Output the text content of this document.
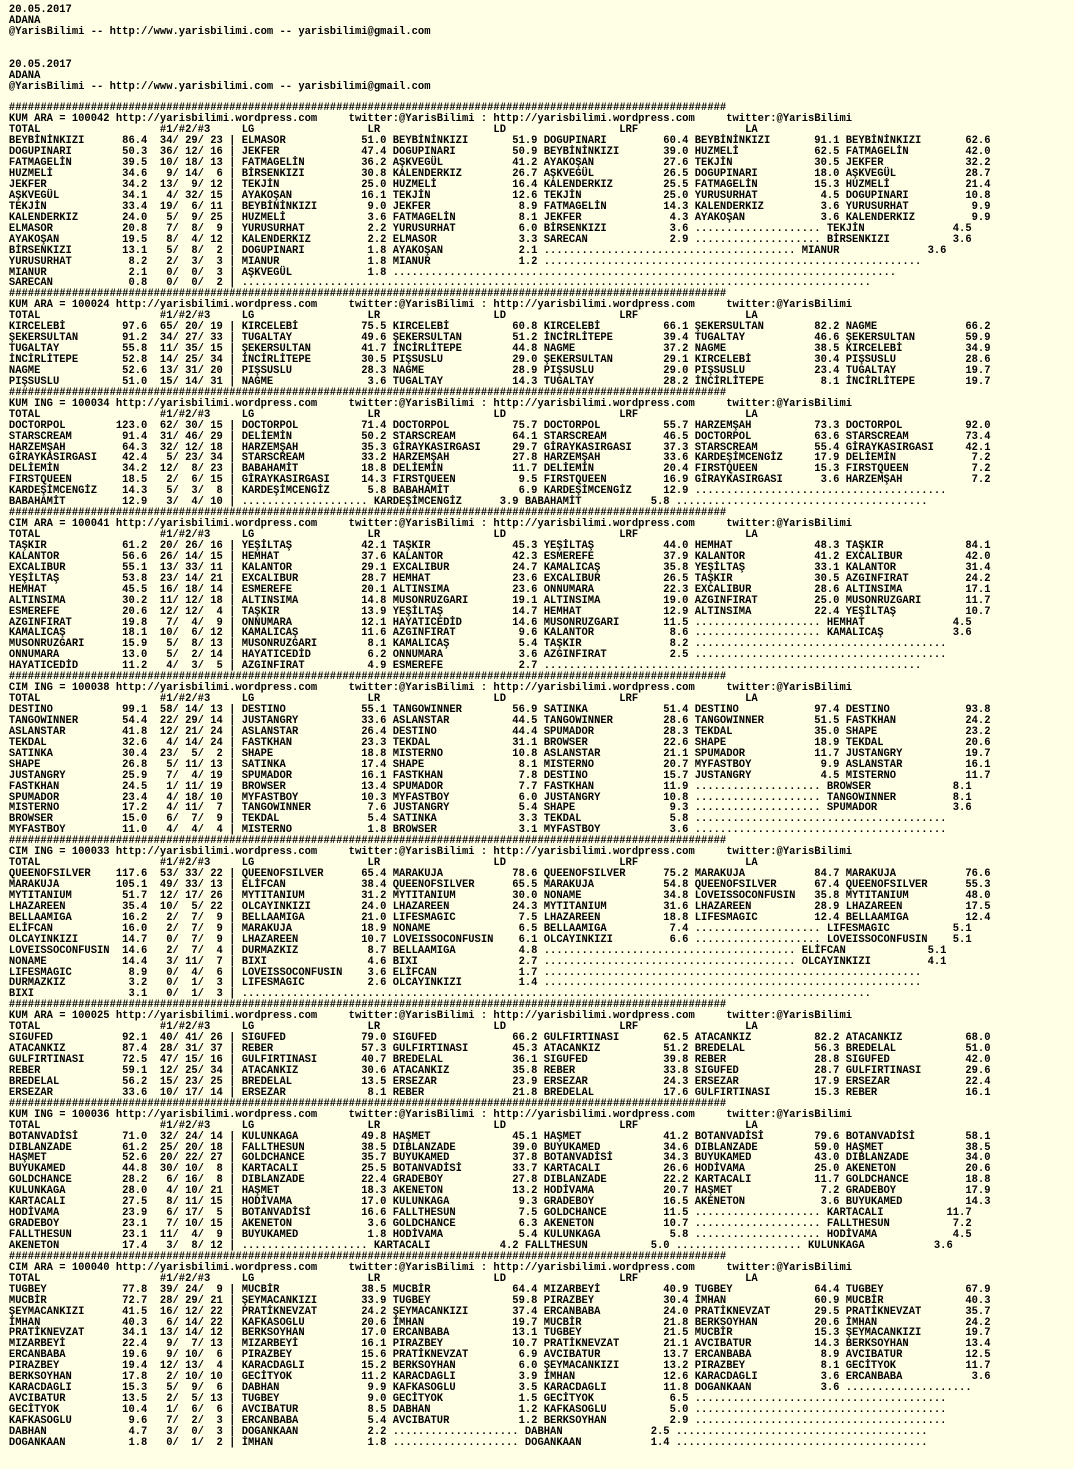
20.05.2017
ADANA
@YarisBilimi -- http://www.yarisbilimi.com -- yarisbilimi@gmail.com

20.05.2017
ADANA
@YarisBilimi -- http://www.yarisbilimi.com -- yarisbilimi@gmail.com

##################################################################################################################
KUM ARA = 100042 http://yarisbilimi.wordpress.com     twitter:@YarisBilimi : http://yarisbilimi.wordpress.com     twitter:@YarisBilimi
TOTAL                   #1/#2/#3     LG                  LR                  LD                  LRF                 LA
BEYBİNİNKIZI      86.4  34/ 29/ 23 | ELMASOR            51.0 BEYBİNİNKIZI       51.9 DOGUPINARI         60.4 BEYBİNİNKIZI       91.1 BEYBİNİNKIZI       62.6
DOGUPINARI        50.3  36/ 12/ 16 | JEKFER             47.4 DOGUPINARI         50.9 BEYBİNİNKIZI       39.0 HUZMELİ            62.5 FATMAGELİN         42.0
FATMAGELİN        39.5  10/ 18/ 13 | FATMAGELİN         36.2 AŞKVEGÜL           41.2 AYAKOŞAN           27.6 TEKJİN             30.5 JEKFER             32.2
HUZMELİ           34.6   9/ 14/  6 | BİRSENKIZI         30.8 KALENDERKIZ        26.7 AŞKVEGÜL           26.5 DOGUPINARI         18.0 AŞKVEGÜL           28.7
JEKFER            34.2  13/  9/ 12 | TEKJİN             25.0 HUZMELİ            16.4 KALENDERKIZ        25.5 FATMAGELİN         15.3 HUZMELİ            21.4
AŞKVEGÜL          34.1   4/ 32/ 15 | AYAKOŞAN           16.1 TEKJİN             12.6 TEKJİN             25.0 YURUSURHAT          4.5 DOGUPINARI         10.8
TEKJİN            33.4  19/  6/ 11 | BEYBİNİNKIZI        9.0 JEKFER              8.9 FATMAGELİN         14.3 KALENDERKIZ         3.6 YURUSURHAT          9.9
KALENDERKIZ       24.0   5/  9/ 25 | HUZMELİ             3.6 FATMAGELİN          8.1 JEKFER              4.3 AYAKOŞAN            3.6 KALENDERKIZ         9.9
ELMASOR           20.8   7/  8/  9 | YURUSURHAT          2.2 YURUSURHAT          6.0 BİRSENKIZI          3.6 .................... TEKJİN              4.5
AYAKOŞAN          19.5   8/  4/ 12 | KALENDERKIZ         2.2 ELMASOR             3.3 SARECAN             2.9 .................... BİRSENKIZI          3.6
BİRSENKIZI        13.1   5/  8/  2 | DOGUPINARI          1.8 AYAKOŞAN            2.1 ........................................ MIANUR              3.6
YURUSURHAT         8.2   2/  3/  3 | MIANUR              1.8 MIANUR              1.2 ............................................................
MIANUR             2.1   0/  0/  3 | AŞKVEGÜL            1.8 ................................................................................
SARECAN            0.8   0/  0/  2 | ....................................................................................................
##################################################################################################################
KUM ARA = 100024 http://yarisbilimi.wordpress.com     twitter:@YarisBilimi : http://yarisbilimi.wordpress.com     twitter:@YarisBilimi
TOTAL                   #1/#2/#3     LG                  LR                  LD                  LRF                 LA
KIRCELEBİ         97.6  65/ 20/ 19 | KIRCELEBİ          75.5 KIRCELEBİ          60.8 KIRCELEBİ          66.1 ŞEKERSULTAN        82.2 NAGME              66.2
ŞEKERSULTAN       91.2  34/ 27/ 33 | TUGALTAY           49.6 ŞEKERSULTAN        51.2 İNCİRLİTEPE        39.4 TUGALTAY           46.6 ŞEKERSULTAN        59.9
TUGALTAY          55.8  11/ 35/ 15 | ŞEKERSULTAN        41.7 İNCİRLİTEPE        44.8 NAGME              37.2 NAGME              38.5 KIRCELEBİ          34.9
İNCİRLİTEPE       52.8  14/ 25/ 34 | İNCİRLİTEPE        30.5 PIŞSUSLU           29.0 ŞEKERSULTAN        29.1 KIRCELEBİ          30.4 PIŞSUSLU           28.6
NAGME             52.6  13/ 31/ 20 | PIŞSUSLU           28.3 NAGME              28.9 PIŞSUSLU           29.0 PIŞSUSLU           23.4 TUGALTAY           19.7
PIŞSUSLU          51.0  15/ 14/ 31 | NAGME               3.6 TUGALTAY           14.3 TUGALTAY           28.2 İNCİRLİTEPE         8.1 İNCİRLİTEPE        19.7
##################################################################################################################
KUM ING = 100034 http://yarisbilimi.wordpress.com     twitter:@YarisBilimi : http://yarisbilimi.wordpress.com     twitter:@YarisBilimi
TOTAL                   #1/#2/#3     LG                  LR                  LD                  LRF                 LA
DOCTORPOL        123.0  62/ 30/ 15 | DOCTORPOL          71.4 DOCTORPOL          75.7 DOCTORPOL          55.7 HARZEMŞAH          73.3 DOCTORPOL          92.0
STARSCREAM        91.4  31/ 46/ 29 | DELİEMİN           50.2 STARSCREAM         64.1 STARSCREAM         46.5 DOCTORPOL          63.6 STARSCREAM         73.4
HARZEMŞAH         64.3  32/ 12/ 18 | HARZEMŞAH          35.3 GİRAYKASIRGASI     29.7 GİRAYKASIRGASI     37.3 STARSCREAM         55.4 GİRAYKASIRGASI     42.1
GİRAYKASIRGASI    42.4   5/ 23/ 34 | STARSCREAM         33.2 HARZEMŞAH          27.8 HARZEMŞAH          33.6 KARDEŞİMCENGİZ     17.9 DELİEMİN            7.2
DELİEMİN          34.2  12/  8/ 23 | BABAHAMİT          18.8 DELİEMİN           11.7 DELİEMİN           20.4 FIRSTQUEEN         15.3 FIRSTQUEEN          7.2
FIRSTQUEEN        18.5   2/  6/ 15 | GİRAYKASIRGASI     14.3 FIRSTQUEEN          9.5 FIRSTQUEEN         16.9 GİRAYKASIRGASI      3.6 HARZEMŞAH           7.2
KARDEŞİMCENGİZ    14.3   5/  3/  8 | KARDEŞİMCENGİZ      5.8 BABAHAMİT           6.9 KARDEŞİMCENGİZ     12.9 ........................................
BABAHAMİT         12.9   3/  4/ 10 | .................... KARDEŞİMCENGİZ      3.9 BABAHAMİT           5.8 ........................................
##################################################################################################################
CIM ARA = 100041 http://yarisbilimi.wordpress.com     twitter:@YarisBilimi : http://yarisbilimi.wordpress.com     twitter:@YarisBilimi
TOTAL                   #1/#2/#3     LG                  LR                  LD                  LRF                 LA
TAŞKIR            61.2  20/ 26/ 16 | YEŞİLTAŞ           42.1 TAŞKIR             45.3 YEŞİLTAŞ           44.0 HEMHAT             48.3 TAŞKIR             84.1
KALANTOR          56.6  26/ 14/ 15 | HEMHAT             37.6 KALANTOR           42.3 ESMEREFE           37.9 KALANTOR           41.2 EXCALIBUR          42.0
EXCALIBUR         55.1  13/ 33/ 11 | KALANTOR           29.1 EXCALIBUR          24.7 KAMALICAŞ          35.8 YEŞİLTAŞ           33.1 KALANTOR           31.4
YEŞİLTAŞ          53.8  23/ 14/ 21 | EXCALIBUR          28.7 HEMHAT             23.6 EXCALIBUR          26.5 TAŞKIR             30.5 AZGINFIRAT         24.2
HEMHAT            45.5  16/ 18/ 14 | ESMEREFE           20.1 ALTINSIMA          23.6 ONNUMARA           22.3 EXCALIBUR          28.6 ALTINSIMA          17.1
ALTINSIMA         30.2  11/ 12/ 18 | ALTINSIMA          14.8 MUSONRUZGARI       19.1 ALTINSIMA          19.0 AZGINFIRAT         25.0 MUSONRUZGARI       11.7
ESMEREFE          20.6  12/ 12/  4 | TAŞKIR             13.9 YEŞİLTAŞ           14.7 HEMHAT             12.9 ALTINSIMA          22.4 YEŞİLTAŞ           10.7
AZGINFIRAT        19.8   7/  4/  9 | ONNUMARA           12.1 HAYATICEDİD        14.6 MUSONRUZGARI       11.5 .................... HEMHAT              4.5
KAMALICAŞ         18.1  10/  6/ 12 | KAMALICAŞ          11.6 AZGINFIRAT          9.6 KALANTOR            8.6 .................... KAMALICAŞ           3.6
MUSONRUZGARI      15.9   5/  8/ 13 | MUSONRUZGARI        8.1 KAMALICAŞ           5.4 TAŞKIR              8.2 ........................................
ONNUMARA          13.0   5/  2/ 14 | HAYATICEDİD         6.2 ONNUMARA            3.6 AZGINFIRAT          2.5 ........................................
HAYATICEDİD       11.2   4/  3/  5 | AZGINFIRAT          4.9 ESMEREFE            2.7 ............................................................
##################################################################################################################
CIM ING = 100038 http://yarisbilimi.wordpress.com     twitter:@YarisBilimi : http://yarisbilimi.wordpress.com     twitter:@YarisBilimi
TOTAL                   #1/#2/#3     LG                  LR                  LD                  LRF                 LA
DESTINO           99.1  58/ 14/ 13 | DESTINO            55.1 TANGOWINNER        56.9 SATINKA            51.4 DESTINO            97.4 DESTINO            93.8
TANGOWINNER       54.4  22/ 29/ 14 | JUSTANGRY          33.6 ASLANSTAR          44.5 TANGOWINNER        28.6 TANGOWINNER        51.5 FASTKHAN           24.2
ASLANSTAR         41.8  12/ 21/ 24 | ASLANSTAR          26.4 DESTINO            44.4 SPUMADOR           28.3 TEKDAL             35.0 SHAPE              23.2
TEKDAL            32.6   4/ 14/ 24 | FASTKHAN           23.3 TEKDAL             31.1 BROWSER            22.6 SHAPE              18.9 TEKDAL             20.6
SATINKA           30.4  23/  5/  2 | SHAPE              18.8 MISTERNO           10.8 ASLANSTAR          21.1 SPUMADOR           11.7 JUSTANGRY          19.7
SHAPE             26.8   5/ 11/ 13 | SATINKA            17.4 SHAPE               8.1 MISTERNO           20.7 MYFASTBOY           9.9 ASLANSTAR          16.1
JUSTANGRY         25.9   7/  4/ 19 | SPUMADOR           16.1 FASTKHAN            7.8 DESTINO            15.7 JUSTANGRY           4.5 MISTERNO           11.7
FASTKHAN          24.5   1/ 11/ 19 | BROWSER            13.4 SPUMADOR            7.7 FASTKHAN           11.9 .................... BROWSER             8.1
SPUMADOR          23.4   4/ 18/ 10 | MYFASTBOY          10.3 MYFASTBOY           6.0 JUSTANGRY          10.8 .................... TANGOWINNER         8.1
MISTERNO          17.2   4/ 11/  7 | TANGOWINNER         7.6 JUSTANGRY           5.4 SHAPE               9.3 .................... SPUMADOR            3.6
BROWSER           15.0   6/  7/  9 | TEKDAL              5.4 SATINKA             3.3 TEKDAL              5.8 ........................................
MYFASTBOY         11.0   4/  4/  4 | MISTERNO            1.8 BROWSER             3.1 MYFASTBOY           3.6 ........................................
##################################################################################################################
CIM ING = 100033 http://yarisbilimi.wordpress.com     twitter:@YarisBilimi : http://yarisbilimi.wordpress.com     twitter:@YarisBilimi
TOTAL                   #1/#2/#3     LG                  LR                  LD                  LRF                 LA
QUEENOFSILVER    117.6  53/ 33/ 22 | QUEENOFSILVER      65.4 MARAKUJA           78.6 QUEENOFSILVER      75.2 MARAKUJA           84.7 MARAKUJA           76.6
MARAKUJA         105.1  49/ 33/ 13 | ELİFCAN            38.4 QUEENOFSILVER      65.5 MARAKUJA           54.8 QUEENOFSILVER      67.4 QUEENOFSILVER      55.3
MYTITANIUM        51.7  12/ 17/ 26 | MYTITANIUM         31.2 MYTITANIUM         30.0 NONAME             34.8 LOVEISSOCONFUSIN   35.8 MYTITANIUM         48.0
LHAZAREEN         35.4  10/  5/ 22 | OLCAYINKIZI        24.0 LHAZAREEN          24.3 MYTITANIUM         31.6 LHAZAREEN          28.9 LHAZAREEN          17.5
BELLAAMIGA        16.2   2/  7/  9 | BELLAAMIGA         21.0 LIFESMAGIC          7.5 LHAZAREEN          18.8 LIFESMAGIC         12.4 BELLAAMIGA         12.4
ELİFCAN           16.0   2/  7/  9 | MARAKUJA           18.9 NONAME              6.5 BELLAAMIGA          7.4 .................... LIFESMAGIC          5.1
OLCAYINKIZI       14.7   0/  7/  9 | LHAZAREEN          10.7 LOVEISSOCONFUSIN    6.1 OLCAYINKIZI         6.6 .................... LOVEISSOCONFUSIN    5.1
LOVEISSOCONFUSIN  14.6   2/  7/  4 | DURMAZKIZ           8.7 BELLAAMIGA          4.8 ........................................ ELİFCAN             5.1
NONAME            14.4   3/ 11/  7 | BIXI                4.6 BIXI                2.7 ........................................ OLCAYINKIZI         4.1
LIFESMAGIC         8.9   0/  4/  6 | LOVEISSOCONFUSIN    3.6 ELİFCAN             1.7 ............................................................
DURMAZKIZ          3.2   0/  1/  3 | LIFESMAGIC          2.6 OLCAYINKIZI         1.4 ............................................................
BIXI               3.1   0/  1/  3 | ....................................................................................................
##################################################################################################################
KUM ARA = 100025 http://yarisbilimi.wordpress.com     twitter:@YarisBilimi : http://yarisbilimi.wordpress.com     twitter:@YarisBilimi
TOTAL                   #1/#2/#3     LG                  LR                  LD                  LRF                 LA
SIGUFED           92.1  40/ 41/ 26 | SIGUFED            79.0 SIGUFED            66.2 GULFIRTINASI       62.5 ATACANKIZ          82.2 ATACANKIZ          68.0
ATACANKIZ         87.4  28/ 31/ 37 | REBER              57.3 GULFIRTINASI       45.3 ATACANKIZ          51.2 BREDELAL           56.3 BREDELAL           51.0
GULFIRTINASI      72.5  47/ 15/ 16 | GULFIRTINASI       40.7 BREDELAL           36.1 SIGUFED            39.8 REBER              28.8 SIGUFED            42.0
REBER             59.1  12/ 25/ 34 | ATACANKIZ          30.6 ATACANKIZ          35.8 REBER              33.8 SIGUFED            28.7 GULFIRTINASI       29.6
BREDELAL          56.2  15/ 23/ 25 | BREDELAL           13.5 ERSEZAR            23.9 ERSEZAR            24.3 ERSEZAR            17.9 ERSEZAR            22.4
ERSEZAR           33.6  10/ 17/ 14 | ERSEZAR             8.1 REBER              21.8 BREDELAL           17.6 GULFIRTINASI       15.3 REBER              16.1
##################################################################################################################
KUM ING = 100036 http://yarisbilimi.wordpress.com     twitter:@YarisBilimi : http://yarisbilimi.wordpress.com     twitter:@YarisBilimi
TOTAL                   #1/#2/#3     LG                  LR                  LD                  LRF                 LA
BOTANVADİSİ       71.0  32/ 24/ 14 | KULUNKAGA          49.8 HAŞMET             45.1 HAŞMET             41.2 BOTANVADİSİ        79.6 BOTANVADİSİ        58.1
DIBLANZADE        61.2  25/ 20/ 18 | FALLTHESUN         38.5 DIBLANZADE         39.0 BUYUKAMED          34.6 DIBLANZADE         59.0 HAŞMET             38.5
HAŞMET            52.6  20/ 22/ 27 | GOLDCHANCE         35.7 BUYUKAMED          37.8 BOTANVADİSİ        34.3 BUYUKAMED          43.0 DIBLANZADE         34.0
BUYUKAMED         44.8  30/ 10/  8 | KARTACALI          25.5 BOTANVADİSİ        33.7 KARTACALI          26.6 HODİVAMA           25.0 AKENETON           20.6
GOLDCHANCE        28.2   6/ 16/  8 | DIBLANZADE         22.4 GRADEBOY           27.8 DIBLANZADE         22.2 KARTACALI          11.7 GOLDCHANCE         18.8
KULUNKAGA         28.0   4/ 10/ 21 | HAŞMET             18.3 AKENETON           13.2 HODİVAMA           20.7 HAŞMET              7.2 GRADEBOY           17.9
KARTACALI         27.5   8/ 11/ 15 | HODİVAMA           17.0 KULUNKAGA           9.3 GRADEBOY           16.5 AKENETON            3.6 BUYUKAMED          14.3
HODİVAMA          23.9   6/ 17/  5 | BOTANVADİSİ        16.6 FALLTHESUN          7.5 GOLDCHANCE         11.5 .................... KARTACALI          11.7
GRADEBOY          23.1   7/ 10/ 15 | AKENETON            3.6 GOLDCHANCE          6.3 AKENETON           10.7 .................... FALLTHESUN          7.2
FALLTHESUN        23.1  11/  4/  9 | BUYUKAMED           1.8 HODİVAMA            5.4 KULUNKAGA           5.8 .................... HODİVAMA            4.5
AKENETON          17.4   3/  8/ 12 | .................... KARTACALI           4.2 FALLTHESUN          5.0 .................... KULUNKAGA           3.6
##################################################################################################################
CIM ARA = 100040 http://yarisbilimi.wordpress.com     twitter:@YarisBilimi : http://yarisbilimi.wordpress.com     twitter:@YarisBilimi
TOTAL                   #1/#2/#3     LG                  LR                  LD                  LRF                 LA
TUGBEY            77.8  39/ 24/  9 | MUCBİR             38.5 MUCBİR             64.4 MIZARBEYİ          40.9 TUGBEY             64.4 TUGBEY             67.9
MUCBİR            72.7  28/ 29/ 21 | ŞEYMACANKIZI       33.9 TUGBEY             59.8 PIRAZBEY           30.4 İMHAN              60.9 MUCBİR             40.3
ŞEYMACANKIZI      41.5  16/ 12/ 22 | PRATİKNEVZAT       24.2 ŞEYMACANKIZI       37.4 ERCANBABA          24.0 PRATİKNEVZAT       29.5 PRATİKNEVZAT       35.7
İMHAN             40.3   6/ 14/ 22 | KAFKASOGLU         20.6 İMHAN              19.7 MUCBİR             21.8 BERKSOYHAN         20.6 İMHAN              24.2
PRATİKNEVZAT      34.1  13/ 14/ 12 | BERKSOYHAN         17.0 ERCANBABA          13.1 TUGBEY             21.5 MUCBİR             15.3 ŞEYMACANKIZI       19.7
MIZARBEYİ         22.4   9/  7/ 13 | MIZARBEYİ          16.1 PIRAZBEY           10.7 PRATİKNEVZAT       21.1 AVCIBATUR          14.3 BERKSOYHAN         13.4
ERCANBABA         19.6   9/ 10/  6 | PIRAZBEY           15.6 PRATİKNEVZAT        6.9 AVCIBATUR          13.7 ERCANBABA           8.9 AVCIBATUR          12.5
PIRAZBEY          19.4  12/ 13/  4 | KARACDAGLI         15.2 BERKSOYHAN          6.0 ŞEYMACANKIZI       13.2 PIRAZBEY            8.1 GECİTYOK           11.7
BERKSOYHAN        17.8   2/ 10/ 10 | GECİTYOK           11.2 KARACDAGLI          3.9 İMHAN              12.6 KARACDAGLI          3.6 ERCANBABA           3.6
KARACDAGLI        15.3   5/  9/  6 | DABHAN              9.9 KAFKASOGLU          3.5 KARACDAGLI         11.8 DOGANKAAN           3.6 ....................
AVCIBATUR         13.5   2/  5/ 13 | TUGBEY              9.0 GECİTYOK            1.5 GECİTYOK            6.5 ........................................
GECİTYOK          10.4   1/  6/  6 | AVCIBATUR           8.5 DABHAN              1.2 KAFKASOGLU          5.0 ........................................
KAFKASOGLU         9.6   7/  2/  3 | ERCANBABA           5.4 AVCIBATUR           1.2 BERKSOYHAN          2.9 ........................................
DABHAN             4.7   3/  0/  3 | DOGANKAAN           2.2 .................... DABHAN              2.5 ........................................
DOGANKAAN          1.8   0/  1/  2 | İMHAN               1.8 .................... DOGANKAAN           1.4 ........................................
